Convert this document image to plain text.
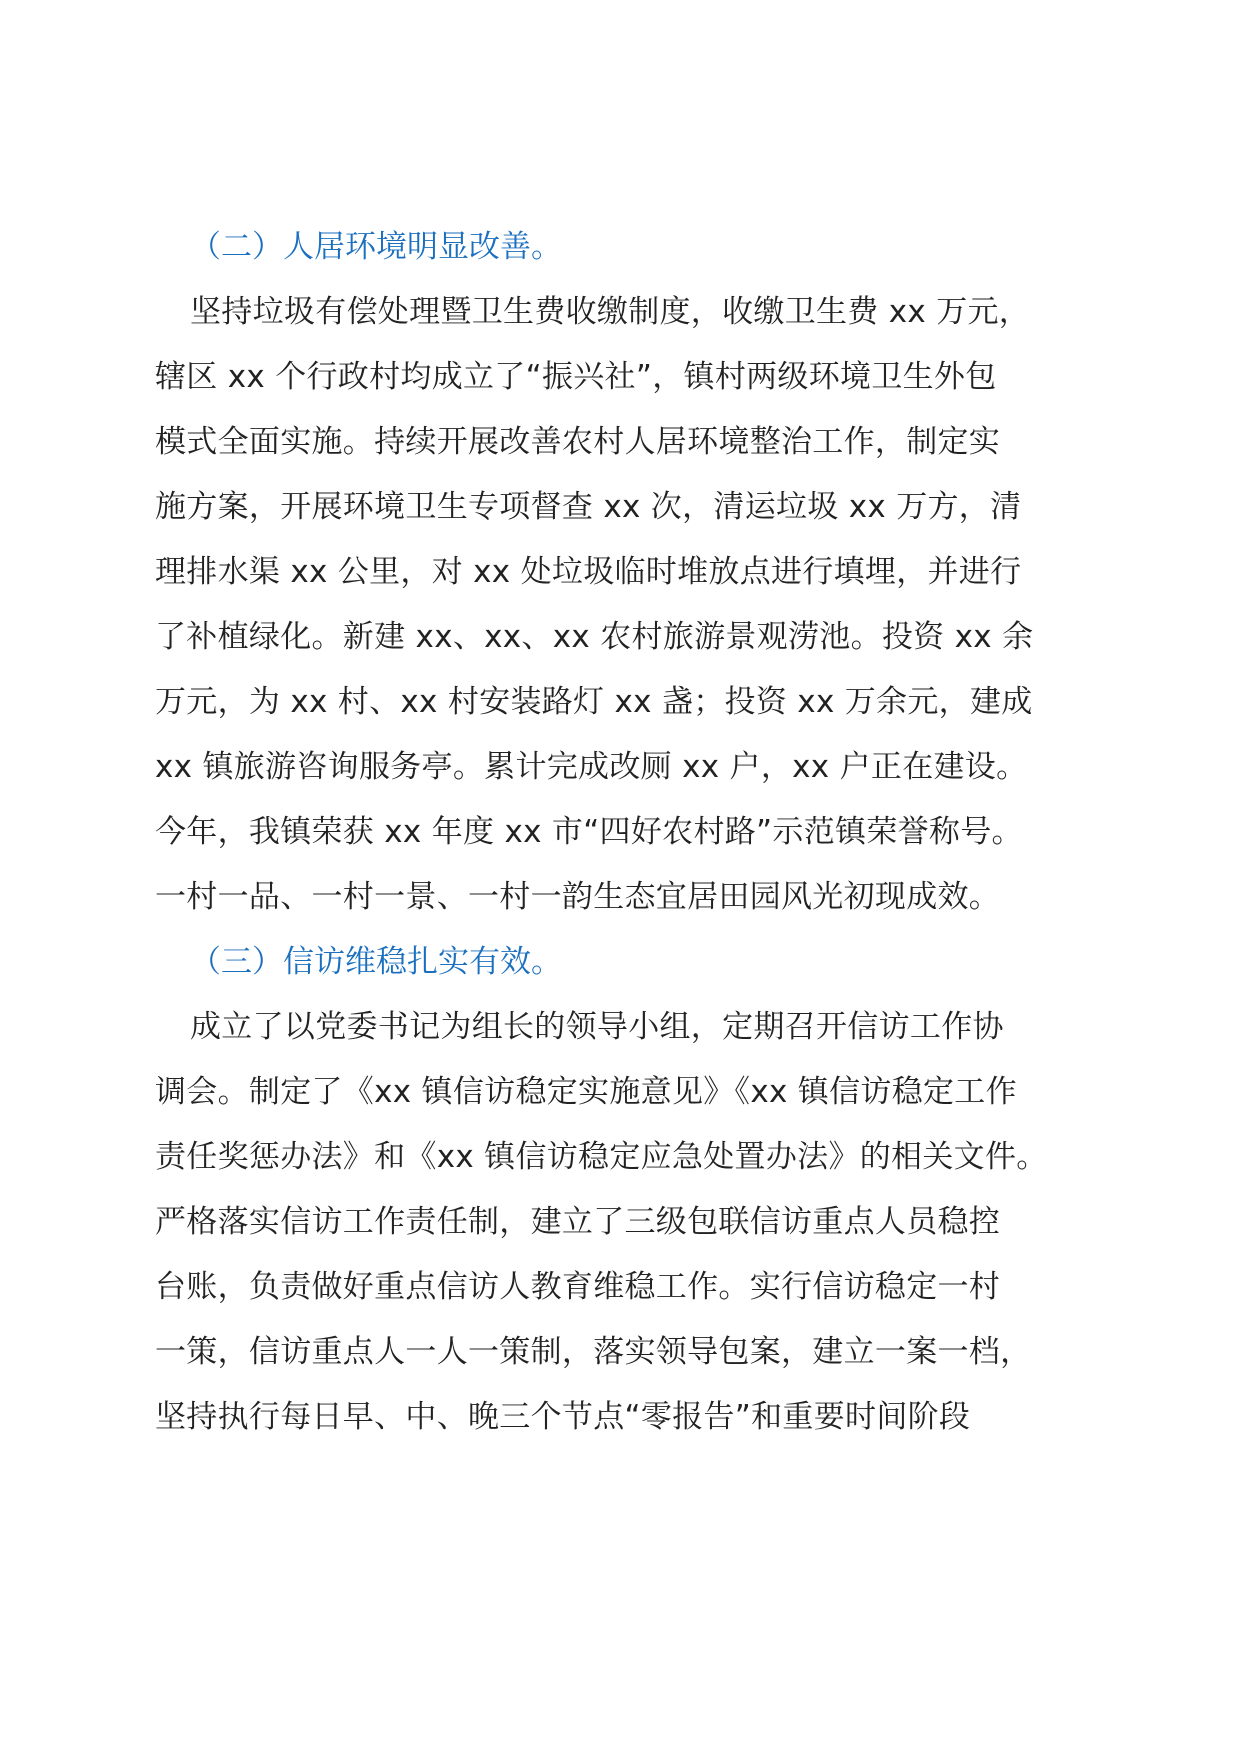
（二）人居环境明显改善。
坚持垃圾有偿处理暨卫生费收缴制度，收缴卫生费 xx 万元，
辖区 xx 个行政村均成立了“振兴社”，镇村两级环境卫生外包
模式全面实施。持续开展改善农村人居环境整治工作，制定实
施方案，开展环境卫生专项督查 xx 次，清运垃圾 xx 万方，清
理排水渠 xx 公里，对 xx 处垃圾临时堆放点进行填埋，并进行
了补植绿化。新建 xx、xx、xx 农村旅游景观涝池。投资 xx 余
万元，为 xx 村、xx 村安装路灯 xx 盏；投资 xx 万余元，建成
xx 镇旅游咨询服务亭。累计完成改厕 xx 户，xx 户正在建设。
今年，我镇荣获 xx 年度 xx 市“四好农村路”示范镇荣誉称号。
一村一品、一村一景、一村一韵生态宜居田园风光初现成效。
（三）信访维稳扎实有效。
成立了以党委书记为组长的领导小组，定期召开信访工作协
调会。制定了《xx 镇信访稳定实施意见》《xx 镇信访稳定工作
责任奖惩办法》和《xx 镇信访稳定应急处置办法》的相关文件。
严格落实信访工作责任制，建立了三级包联信访重点人员稳控
台账，负责做好重点信访人教育维稳工作。实行信访稳定一村
一策，信访重点人一人一策制，落实领导包案，建立一案一档，
坚持执行每日早、中、晚三个节点“零报告”和重要时间阶段
